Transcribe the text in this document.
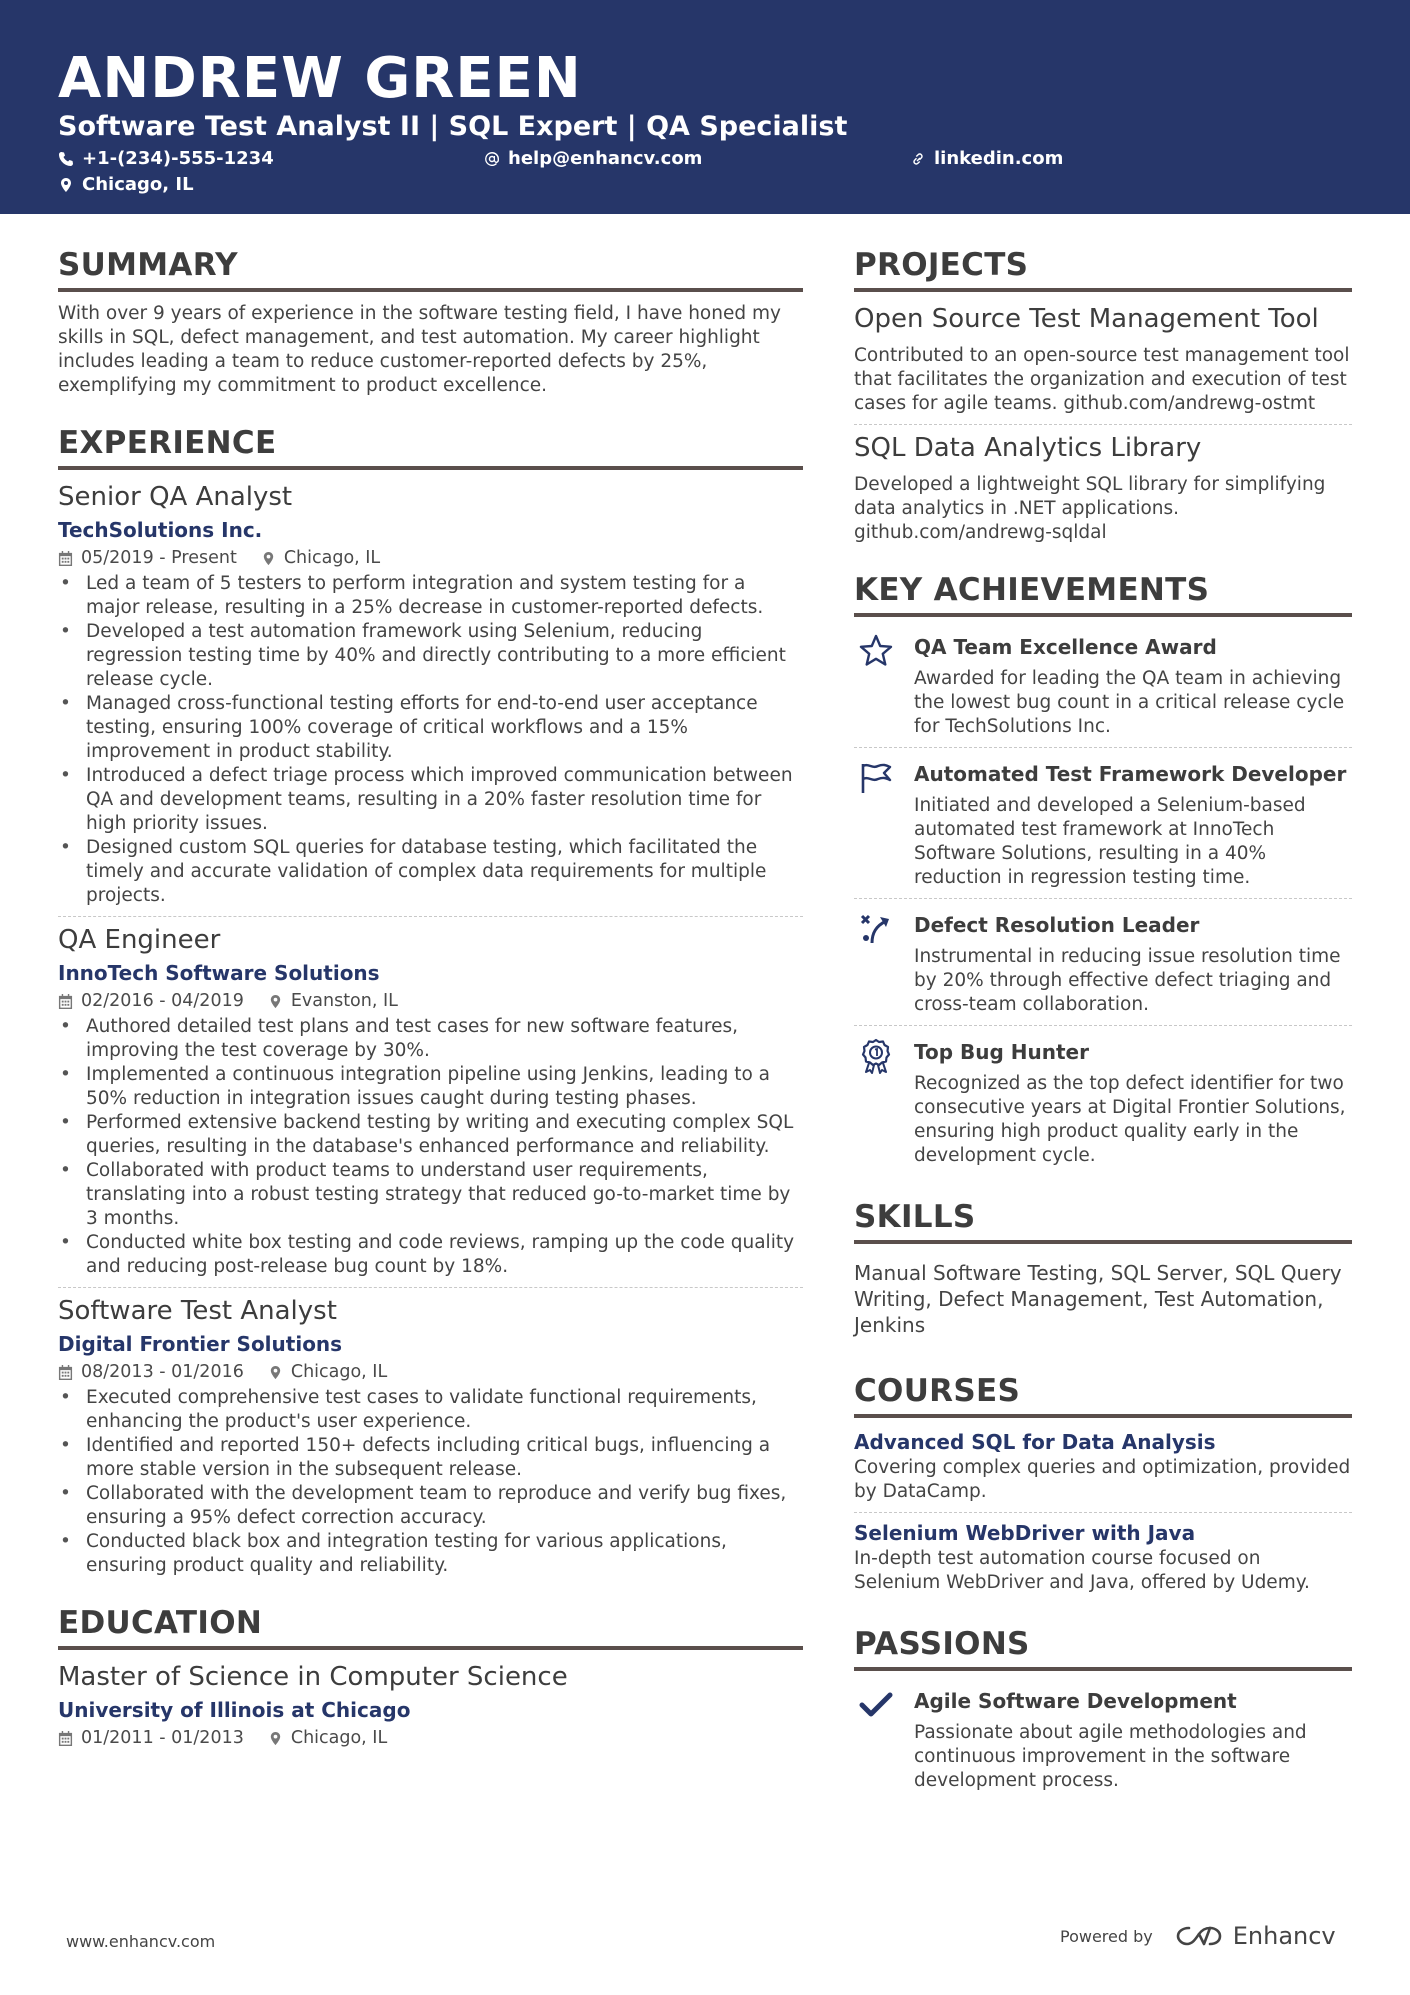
ANDREW GREEN
Software Test Analyst II | SQL Expert | QA Specialist
+1-(234)-555-1234	help@enhancv.com	linkedin.com
Chicago, IL
SUMMARY
With over 9 years of experience in the software testing field, I have honed my skills in SQL, defect management, and test automation. My career highlight includes leading a team to reduce customer-reported defects by 25%, exemplifying my commitment to product excellence.
EXPERIENCE
Senior QA Analyst
TechSolutions Inc.
05/2019 - Present	Chicago, IL
• Led a team of 5 testers to perform integration and system testing for a major release, resulting in a 25% decrease in customer-reported defects.
• Developed a test automation framework using Selenium, reducing regression testing time by 40% and directly contributing to a more efficient release cycle.
• Managed cross-functional testing efforts for end-to-end user acceptance testing, ensuring 100% coverage of critical workflows and a 15% improvement in product stability.
• Introduced a defect triage process which improved communication between QA and development teams, resulting in a 20% faster resolution time for high priority issues.
• Designed custom SQL queries for database testing, which facilitated the timely and accurate validation of complex data requirements for multiple projects.
QA Engineer
InnoTech Software Solutions
02/2016 - 04/2019	Evanston, IL
• Authored detailed test plans and test cases for new software features, improving the test coverage by 30%.
• Implemented a continuous integration pipeline using Jenkins, leading to a 50% reduction in integration issues caught during testing phases.
• Performed extensive backend testing by writing and executing complex SQL queries, resulting in the database's enhanced performance and reliability.
• Collaborated with product teams to understand user requirements, translating into a robust testing strategy that reduced go-to-market time by 3 months.
• Conducted white box testing and code reviews, ramping up the code quality and reducing post-release bug count by 18%.
Software Test Analyst
Digital Frontier Solutions
08/2013 - 01/2016	Chicago, IL
• Executed comprehensive test cases to validate functional requirements, enhancing the product's user experience.
• Identified and reported 150+ defects including critical bugs, influencing a more stable version in the subsequent release.
• Collaborated with the development team to reproduce and verify bug fixes, ensuring a 95% defect correction accuracy.
• Conducted black box and integration testing for various applications, ensuring product quality and reliability.
EDUCATION
Master of Science in Computer Science
University of Illinois at Chicago
01/2011 - 01/2013	Chicago, IL
PROJECTS
Open Source Test Management Tool
Contributed to an open-source test management tool that facilitates the organization and execution of test cases for agile teams. github.com/andrewg-ostmt
SQL Data Analytics Library
Developed a lightweight SQL library for simplifying data analytics in .NET applications. github.com/andrewg-sqldal
KEY ACHIEVEMENTS
QA Team Excellence Award
Awarded for leading the QA team in achieving the lowest bug count in a critical release cycle for TechSolutions Inc.
Automated Test Framework Developer
Initiated and developed a Selenium-based automated test framework at InnoTech Software Solutions, resulting in a 40% reduction in regression testing time.
Defect Resolution Leader
Instrumental in reducing issue resolution time by 20% through effective defect triaging and cross-team collaboration.
Top Bug Hunter
Recognized as the top defect identifier for two consecutive years at Digital Frontier Solutions, ensuring high product quality early in the development cycle.
SKILLS
Manual Software Testing, SQL Server, SQL Query Writing, Defect Management, Test Automation, Jenkins
COURSES
Advanced SQL for Data Analysis
Covering complex queries and optimization, provided by DataCamp.
Selenium WebDriver with Java
In-depth test automation course focused on Selenium WebDriver and Java, offered by Udemy.
PASSIONS
Agile Software Development
Passionate about agile methodologies and continuous improvement in the software development process.
www.enhancv.com	Powered by	Enhancv
